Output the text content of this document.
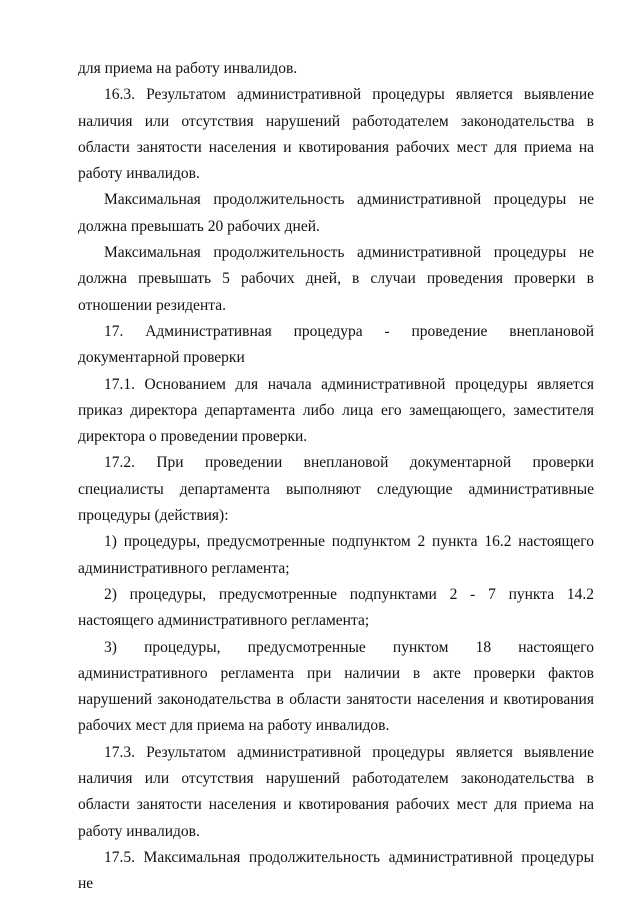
для приема на работу инвалидов.

16.3. Результатом административной процедуры является выявление наличия или отсутствия нарушений работодателем законодательства в области занятости населения и квотирования рабочих мест для приема на работу инвалидов.

Максимальная продолжительность административной процедуры не должна превышать 20 рабочих дней.

Максимальная продолжительность административной процедуры не должна превышать 5 рабочих дней, в случаи проведения проверки в отношении резидента.

17. Административная процедура - проведение внеплановой

документарной проверки

17.1. Основанием для начала административной процедуры является приказ директора департамента либо лица его замещающего, заместителя директора о проведении проверки.

17.2. При проведении внеплановой документарной проверки специалисты департамента выполняют следующие административные процедуры (действия):

1) процедуры, предусмотренные подпунктом 2 пункта 16.2 настоящего административного регламента;

2) процедуры, предусмотренные подпунктами 2 - 7 пункта 14.2 настоящего административного регламента;

3) процедуры, предусмотренные пунктом 18 настоящего административного регламента при наличии в акте проверки фактов нарушений законодательства в области занятости населения и квотирования рабочих мест для приема на работу инвалидов.

17.3. Результатом административной процедуры является выявление наличия или отсутствия нарушений работодателем законодательства в области занятости населения и квотирования рабочих мест для приема на работу инвалидов.

17.5. Максимальная продолжительность административной процедуры не
